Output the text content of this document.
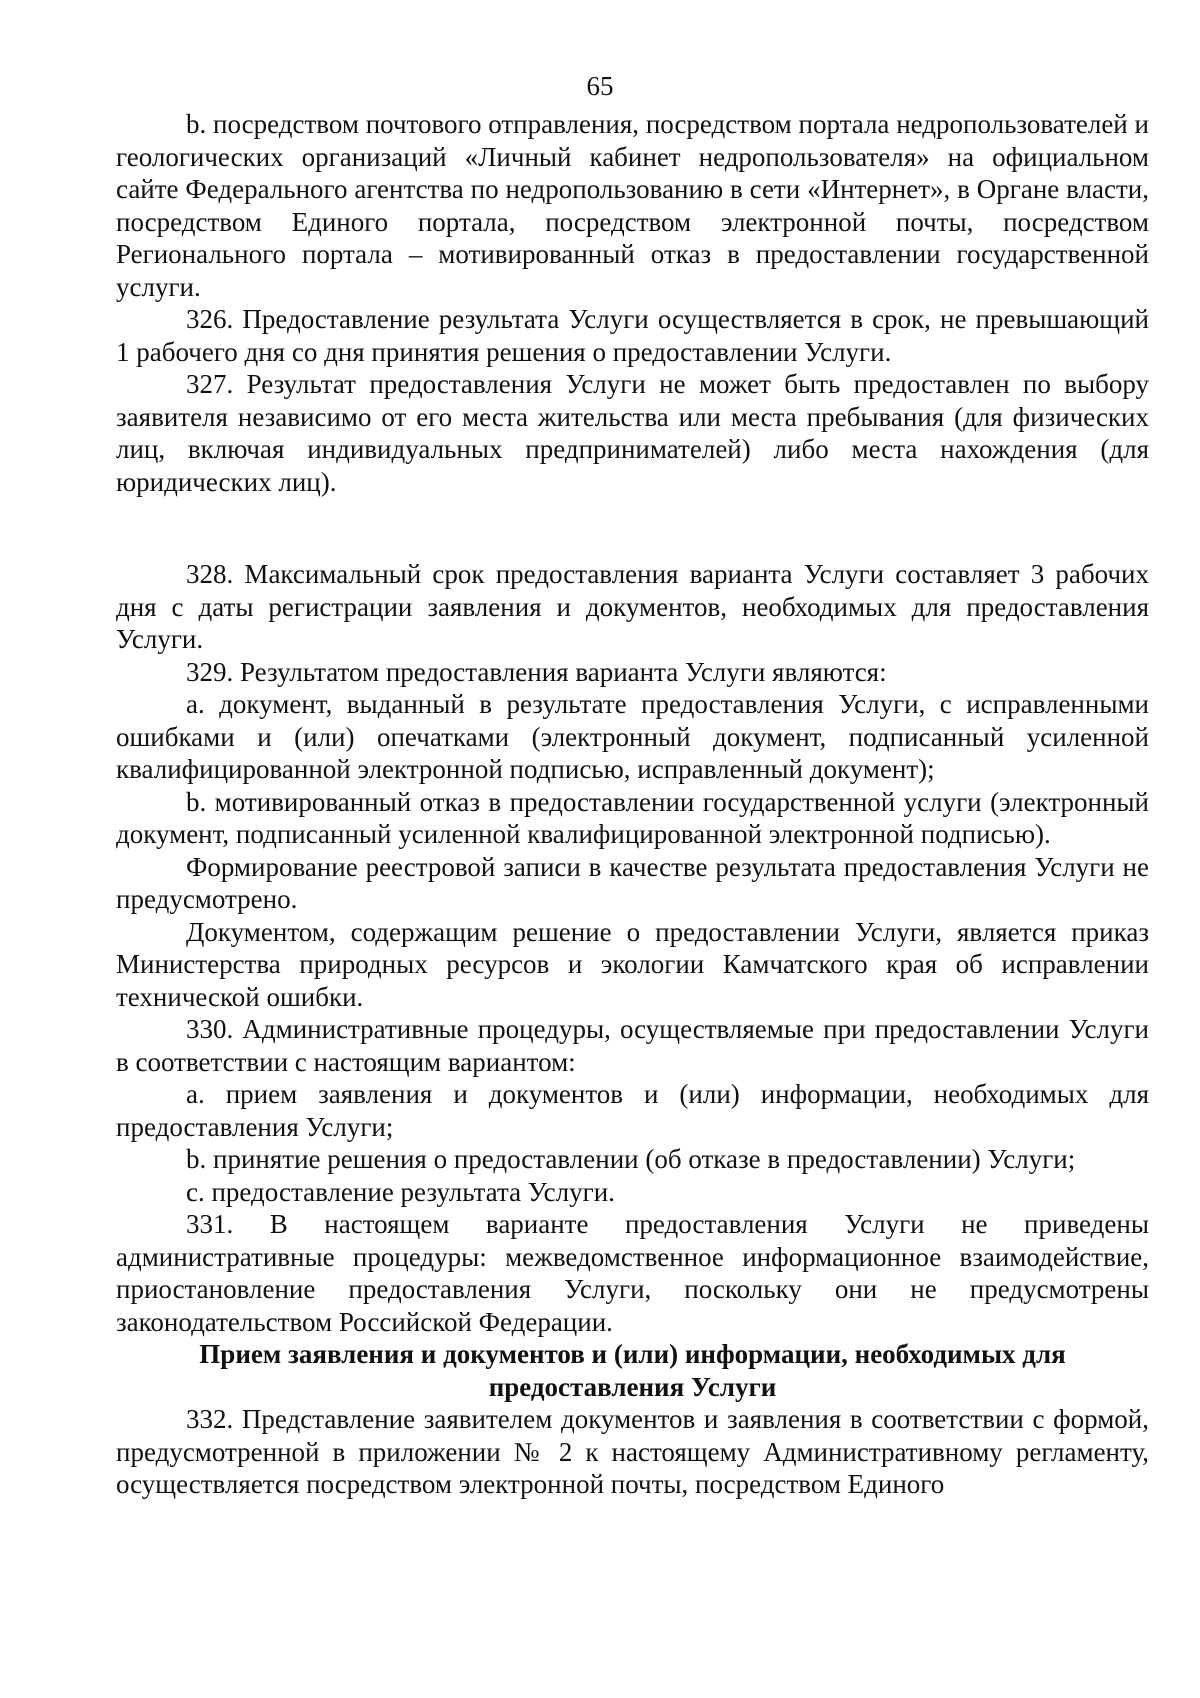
65

b. посредством почтового отправления, посредством портала недропользователей и геологических организаций «Личный кабинет недропользователя» на официальном сайте Федерального агентства по недропользованию в сети «Интернет», в Органе власти, посредством Единого портала, посредством электронной почты, посредством Регионального портала – мотивированный отказ в предоставлении государственной услуги.

326. Предоставление результата Услуги осуществляется в срок, не превышающий 1 рабочего дня со дня принятия решения о предоставлении Услуги.

327. Результат предоставления Услуги не может быть предоставлен по выбору заявителя независимо от его места жительства или места пребывания (для физических лиц, включая индивидуальных предпринимателей) либо места нахождения (для юридических лиц).

328. Максимальный срок предоставления варианта Услуги составляет 3 рабочих дня с даты регистрации заявления и документов, необходимых для предоставления Услуги.

329. Результатом предоставления варианта Услуги являются:

a. документ, выданный в результате предоставления Услуги, с исправленными ошибками и (или) опечатками (электронный документ, подписанный усиленной квалифицированной электронной подписью, исправленный документ);

b. мотивированный отказ в предоставлении государственной услуги (электронный документ, подписанный усиленной квалифицированной электронной подписью).

Формирование реестровой записи в качестве результата предоставления Услуги не предусмотрено.

Документом, содержащим решение о предоставлении Услуги, является приказ Министерства природных ресурсов и экологии Камчатского края об исправлении технической ошибки.

330. Административные процедуры, осуществляемые при предоставлении Услуги в соответствии с настоящим вариантом:

a. прием заявления и документов и (или) информации, необходимых для предоставления Услуги;

b. принятие решения о предоставлении (об отказе в предоставлении) Услуги;

c. предоставление результата Услуги.

331. В настоящем варианте предоставления Услуги не приведены административные процедуры: межведомственное информационное взаимодействие, приостановление предоставления Услуги, поскольку они не предусмотрены законодательством Российской Федерации.

Прием заявления и документов и (или) информации, необходимых для предоставления Услуги

332. Представление заявителем документов и заявления в соответствии с формой, предусмотренной в приложении № 2 к настоящему Административному регламенту, осуществляется посредством электронной почты, посредством Единого
